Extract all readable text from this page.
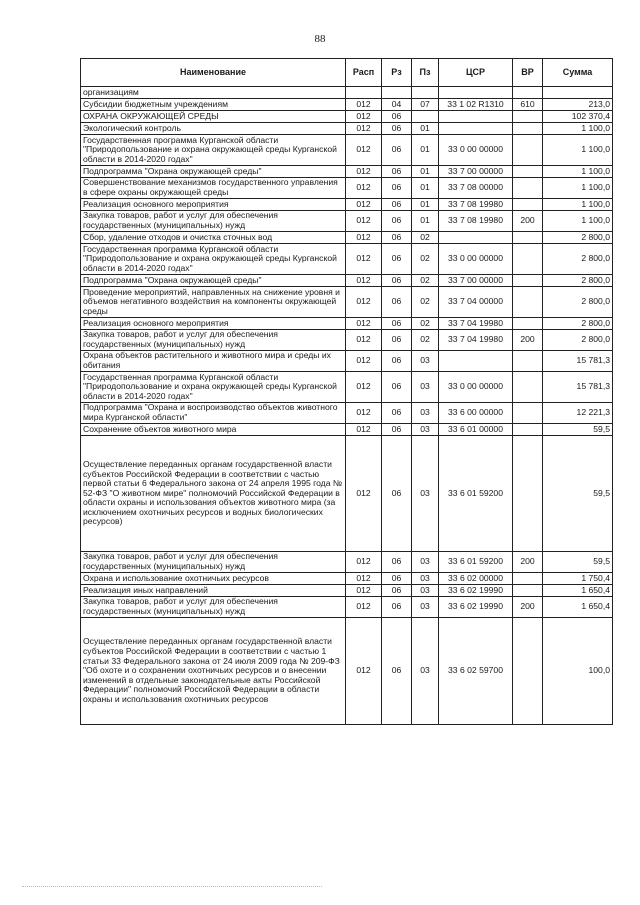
88
Наименование	Расп	Рз	Пз	ЦСР	ВР	Сумма
организациям						
Субсидии бюджетным учреждениям	012	04	07	33 1 02 R1310	610	213,0
ОХРАНА ОКРУЖАЮЩЕЙ СРЕДЫ	012	06				102 370,4
Экологический контроль	012	06	01			1 100,0
Государственная программа Курганской области "Природопользование и охрана окружающей среды Курганской области в 2014-2020 годах"	012	06	01	33 0 00 00000		1 100,0
Подпрограмма "Охрана окружающей среды"	012	06	01	33 7 00 00000		1 100,0
Совершенствование механизмов государственного управления в сфере охраны окружающей среды	012	06	01	33 7 08 00000		1 100,0
Реализация основного мероприятия	012	06	01	33 7 08 19980		1 100,0
Закупка товаров, работ и услуг для обеспечения государственных (муниципальных) нужд	012	06	01	33 7 08 19980	200	1 100,0
Сбор, удаление отходов и очистка сточных вод	012	06	02			2 800,0
Государственная программа Курганской области "Природопользование и охрана окружающей среды Курганской области в 2014-2020 годах"	012	06	02	33 0 00 00000		2 800,0
Подпрограмма "Охрана окружающей среды"	012	06	02	33 7 00 00000		2 800,0
Проведение мероприятий, направленных на снижение уровня и объемов негативного воздействия на компоненты окружающей среды	012	06	02	33 7 04 00000		2 800,0
Реализация основного мероприятия	012	06	02	33 7 04 19980		2 800,0
Закупка товаров, работ и услуг для обеспечения государственных (муниципальных) нужд	012	06	02	33 7 04 19980	200	2 800,0
Охрана объектов растительного и животного мира и среды их обитания	012	06	03			15 781,3
Государственная программа Курганской области "Природопользование и охрана окружающей среды Курганской области в 2014-2020 годах"	012	06	03	33 0 00 00000		15 781,3
Подпрограмма "Охрана и воспроизводство объектов животного мира Курганской области"	012	06	03	33 6 00 00000		12 221,3
Сохранение объектов животного мира	012	06	03	33 6 01 00000		59,5
Осуществление переданных органам государственной власти субъектов Российской Федерации в соответствии с частью первой статьи 6 Федерального закона от 24 апреля 1995 года № 52-ФЗ "О животном мире" полномочий Российской Федерации в области охраны и использования объектов животного мира (за исключением охотничьих ресурсов и водных биологических ресурсов)	012	06	03	33 6 01 59200		59,5
Закупка товаров, работ и услуг для обеспечения государственных (муниципальных) нужд	012	06	03	33 6 01 59200	200	59,5
Охрана и использование охотничьих ресурсов	012	06	03	33 6 02 00000		1 750,4
Реализация иных направлений	012	06	03	33 6 02 19990		1 650,4
Закупка товаров, работ и услуг для обеспечения государственных (муниципальных) нужд	012	06	03	33 6 02 19990	200	1 650,4
Осуществление переданных органам государственной власти субъектов Российской Федерации в соответствии с частью 1 статьи 33 Федерального закона от 24 июля 2009 года № 209-ФЗ "Об охоте и о сохранении охотничьих ресурсов и о внесении изменений в отдельные законодательные акты Российской Федерации" полномочий Российской Федерации в области охраны и использования охотничьих ресурсов	012	06	03	33 6 02 59700		100,0
